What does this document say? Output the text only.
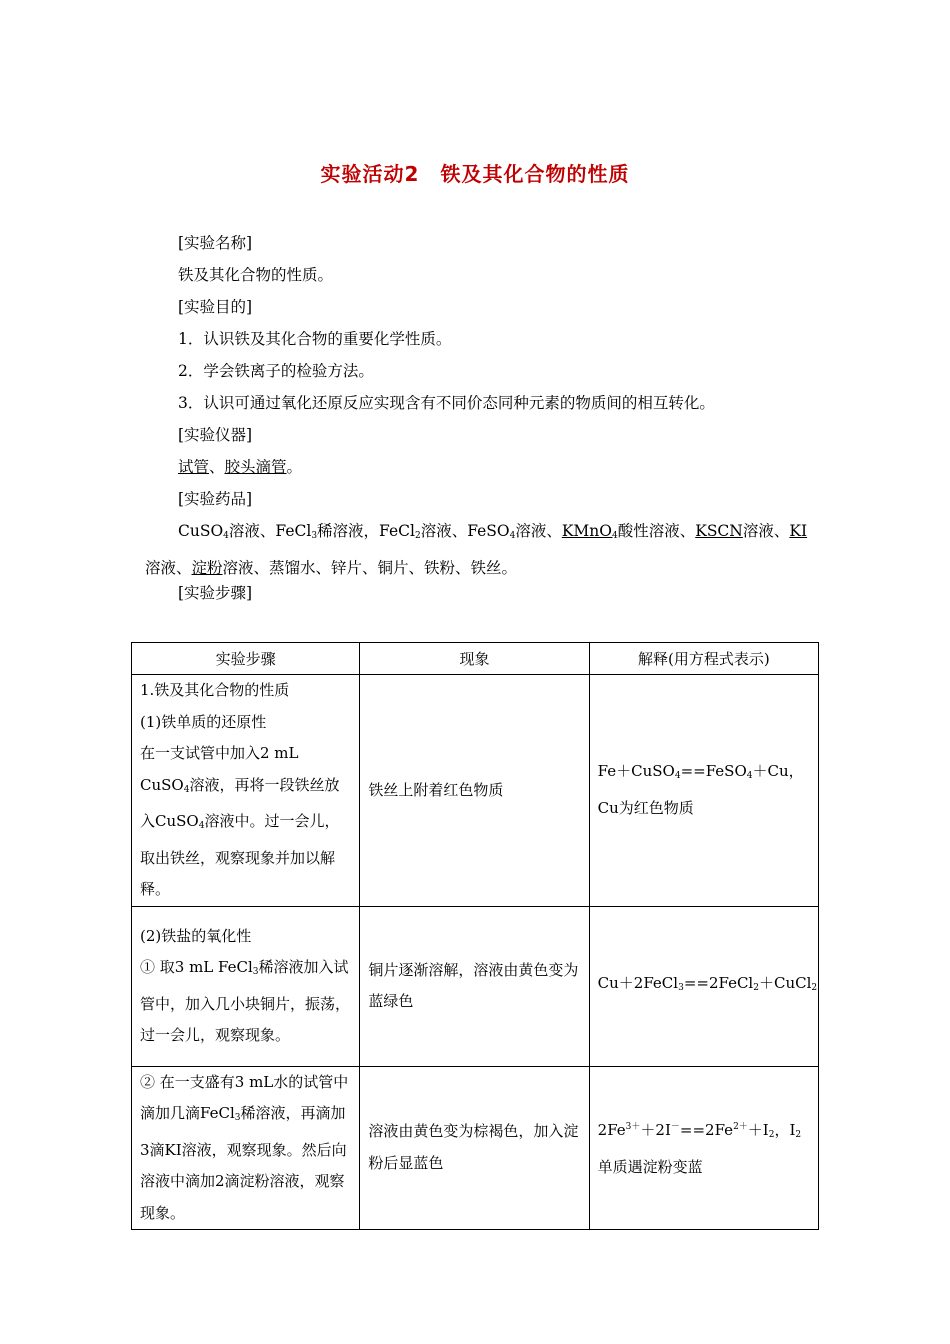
实验活动2　铁及其化合物的性质
[实验名称]
铁及其化合物的性质。
[实验目的]
1．认识铁及其化合物的重要化学性质。
2．学会铁离子的检验方法。
3．认识可通过氧化还原反应实现含有不同价态同种元素的物质间的相互转化。
[实验仪器]
试管、胶头滴管。
[实验药品]
CuSO$_4$溶液、FeCl$_3$稀溶液，FeCl$_2$溶液、FeSO$_4$溶液、KMnO$_4$酸性溶液、KSCN溶液、KI溶液、淀粉溶液、蒸馏水、锌片、铜片、铁粉、铁丝。
[实验步骤]
实验步骤	现象	解释(用方程式表示)
1.铁及其化合物的性质
(1)铁单质的还原性
在一支试管中加入2 mL
CuSO$_4$溶液，再将一段铁丝放入CuSO$_4$溶液中。过一会儿，取出铁丝，观察现象并加以解释。	铁丝上附着红色物质	Fe＋CuSO$_4$==FeSO$_4$＋Cu，Cu为红色物质
(2)铁盐的氧化性
① 取3 mL FeCl$_3$稀溶液加入试管中，加入几小块铜片，振荡，过一会儿，观察现象。	铜片逐渐溶解，溶液由黄色变为蓝绿色	Cu＋2FeCl$_3$==2FeCl$_2$＋CuCl$_2$
② 在一支盛有3 mL水的试管中滴加几滴FeCl$_3$稀溶液，再滴加3滴KI溶液，观察现象。然后向溶液中滴加2滴淀粉溶液，观察现象。	溶液由黄色变为棕褐色，加入淀粉后显蓝色	$2Fe^{3+}+2I^-==2Fe^{2+}+I_2$，$I_2$单质遇淀粉变蓝
